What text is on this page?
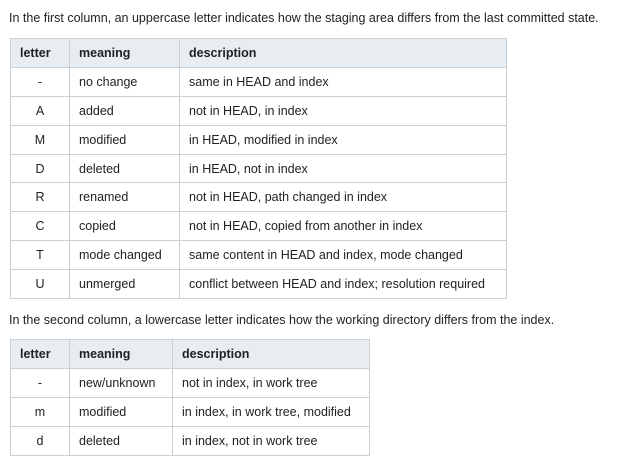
In the first column, an uppercase letter indicates how the staging area differs from the last committed state.

letter	meaning	description
-	no change	same in HEAD and index
A	added	not in HEAD, in index
M	modified	in HEAD, modified in index
D	deleted	in HEAD, not in index
R	renamed	not in HEAD, path changed in index
C	copied	not in HEAD, copied from another in index
T	mode changed	same content in HEAD and index, mode changed
U	unmerged	conflict between HEAD and index; resolution required

In the second column, a lowercase letter indicates how the working directory differs from the index.

letter	meaning	description
-	new/unknown	not in index, in work tree
m	modified	in index, in work tree, modified
d	deleted	in index, not in work tree
